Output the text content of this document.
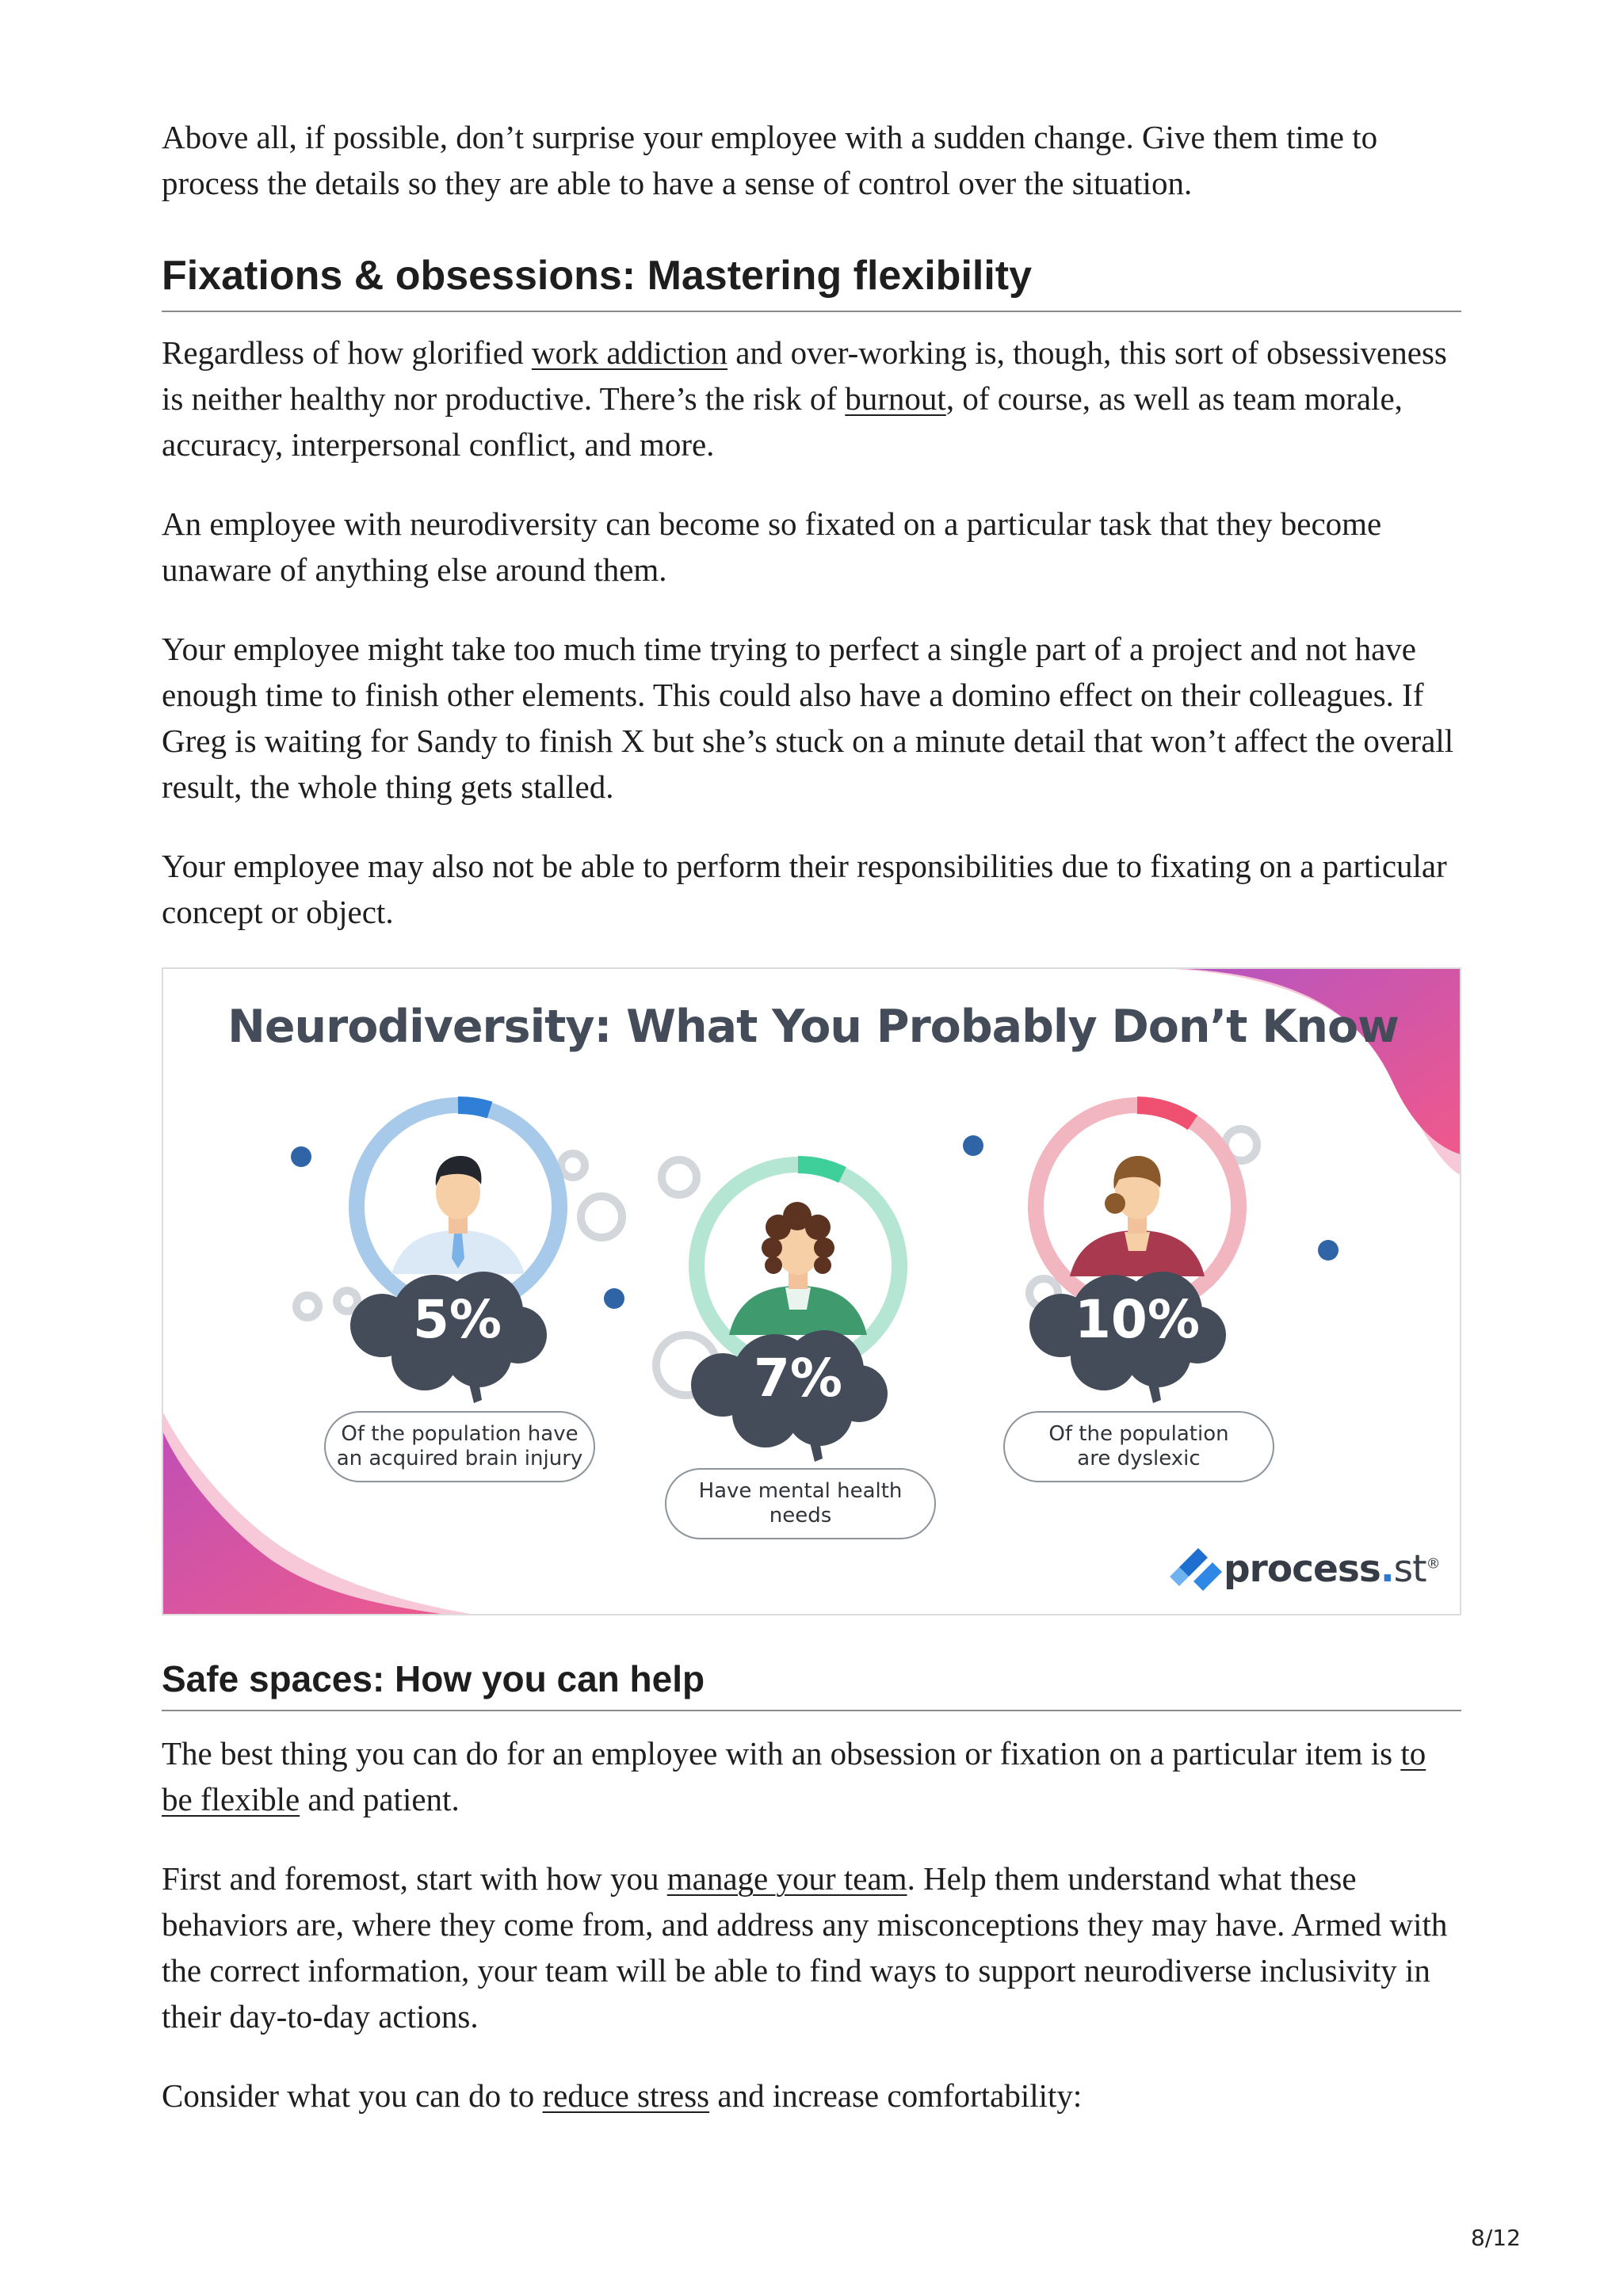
Above all, if possible, don’t surprise your employee with a sudden change. Give them time to process the details so they are able to have a sense of control over the situation.

Fixations & obsessions: Mastering flexibility

Regardless of how glorified work addiction and over-working is, though, this sort of obsessiveness is neither healthy nor productive. There’s the risk of burnout, of course, as well as team morale, accuracy, interpersonal conflict, and more.

An employee with neurodiversity can become so fixated on a particular task that they become unaware of anything else around them.

Your employee might take too much time trying to perfect a single part of a project and not have enough time to finish other elements. This could also have a domino effect on their colleagues. If Greg is waiting for Sandy to finish X but she’s stuck on a minute detail that won’t affect the overall result, the whole thing gets stalled.

Your employee may also not be able to perform their responsibilities due to fixating on a particular concept or object.

Neurodiversity: What You Probably Don’t Know
5%
7%
10%
Of the population have
an acquired brain injury
Have mental health
needs
Of the population
are dyslexic
process.st®
Safe spaces: How you can help

The best thing you can do for an employee with an obsession or fixation on a particular item is to be flexible and patient.

First and foremost, start with how you manage your team. Help them understand what these behaviors are, where they come from, and address any misconceptions they may have. Armed with the correct information, your team will be able to find ways to support neurodiverse inclusivity in their day-to-day actions.

Consider what you can do to reduce stress and increase comfortability:

8/12
